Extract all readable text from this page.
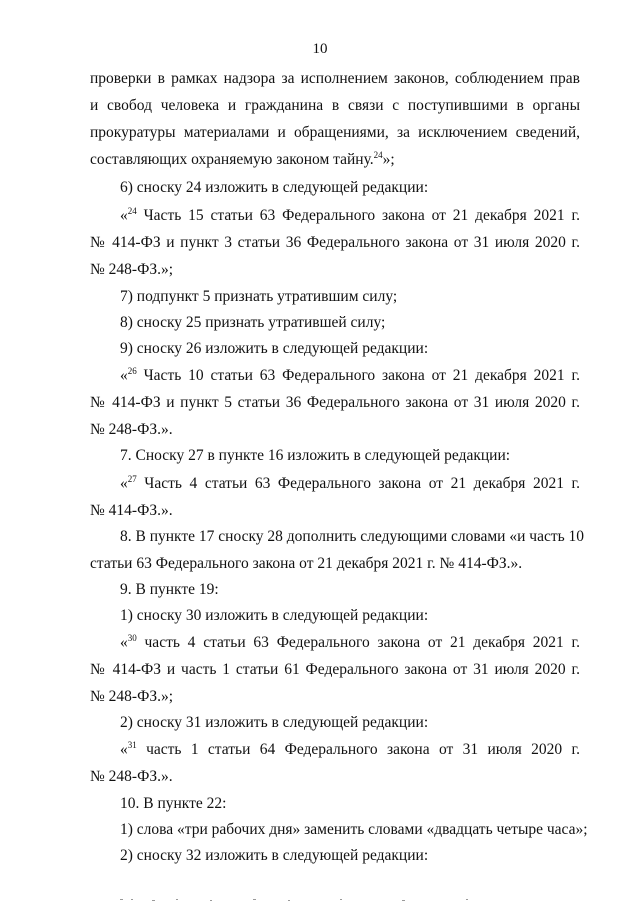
10
проверки в рамках надзора за исполнением законов, соблюдением прав
и свобод человека и гражданина в связи с поступившими в органы
прокуратуры материалами и обращениями, за исключением сведений,
составляющих охраняемую законом тайну.$^{24}$»;
6) сноску 24 изложить в следующей редакции:
«$^{24}$ Часть 15 статьи 63 Федерального закона от 21 декабря 2021 г.
№ 414-ФЗ и пункт 3 статьи 36 Федерального закона от 31 июля 2020 г.
№ 248-ФЗ.»;
7) подпункт 5 признать утратившим силу;
8) сноску 25 признать утратившей силу;
9) сноску 26 изложить в следующей редакции:
«$^{26}$ Часть 10 статьи 63 Федерального закона от 21 декабря 2021 г.
№ 414-ФЗ и пункт 5 статьи 36 Федерального закона от 31 июля 2020 г.
№ 248-ФЗ.».
7. Сноску 27 в пункте 16 изложить в следующей редакции:
«$^{27}$ Часть 4 статьи 63 Федерального закона от 21 декабря 2021 г.
№ 414-ФЗ.».
8. В пункте 17 сноску 28 дополнить следующими словами «и часть 10
статьи 63 Федерального закона от 21 декабря 2021 г. № 414-ФЗ.».
9. В пункте 19:
1) сноску 30 изложить в следующей редакции:
«$^{30}$ часть 4 статьи 63 Федерального закона от 21 декабря 2021 г.
№ 414-ФЗ и часть 1 статьи 61 Федерального закона от 31 июля 2020 г.
№ 248-ФЗ.»;
2) сноску 31 изложить в следующей редакции:
«$^{31}$ часть 1 статьи 64 Федерального закона от 31 июля 2020 г.
№ 248-ФЗ.».
10. В пункте 22:
1) слова «три рабочих дня» заменить словами «двадцать четыре часа»;
2) сноску 32 изложить в следующей редакции:
